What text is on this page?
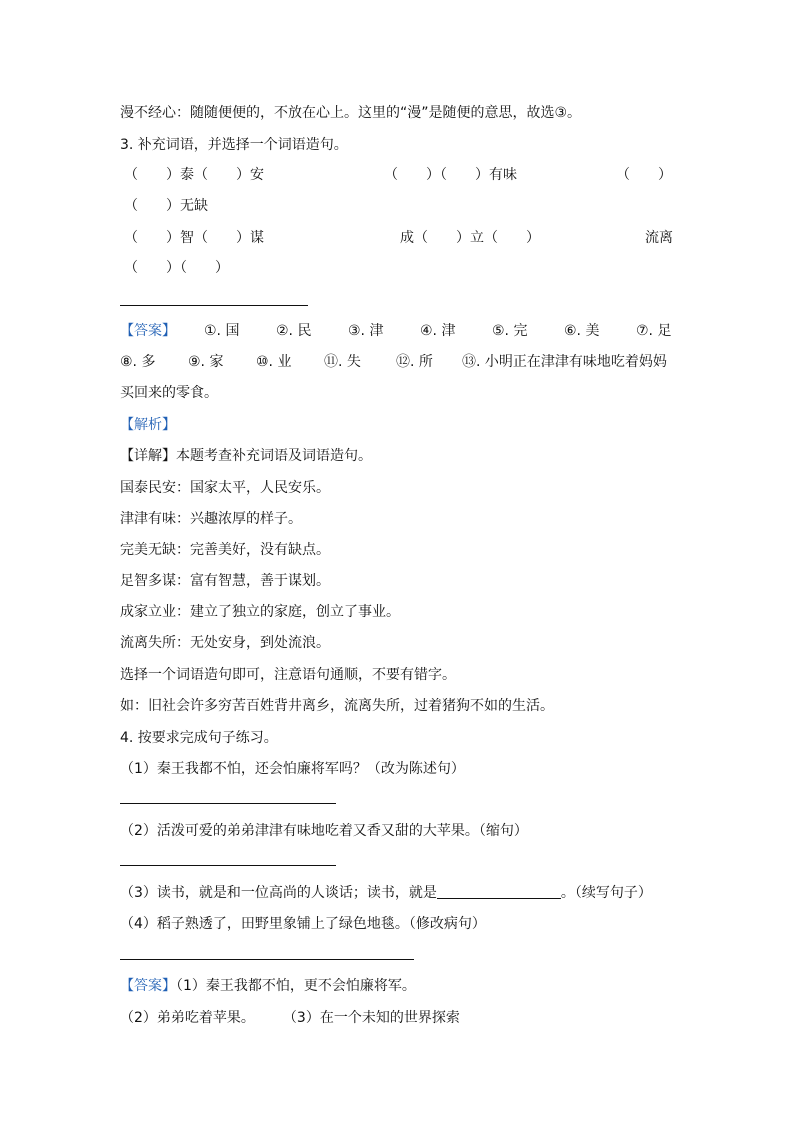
漫不经心：随随便便的，不放在心上。这里的“漫”是随便的意思，故选③。
3. 补充词语，并选择一个词语造句。
（　　）泰（　　）安	（　　）（　　）有味	（　　）
（　　）无缺
（　　）智（　　）谋	成（　　）立（　　）	流离
（　　）（　　）
【答案】 ①. 国	②. 民	③. 津	④. 津	⑤. 完	⑥. 美	⑦. 足
⑧. 多 ⑨. 家 ⑩. 业 ⑪. 失	⑫. 所 ⑬. 小明正在津津有味地吃着妈妈
买回来的零食。
【解析】
【详解】本题考查补充词语及词语造句。
国泰民安：国家太平，人民安乐。
津津有味：兴趣浓厚的样子。
完美无缺：完善美好，没有缺点。
足智多谋：富有智慧，善于谋划。
成家立业：建立了独立的家庭，创立了事业。
流离失所：无处安身，到处流浪。
选择一个词语造句即可，注意语句通顺，不要有错字。
如：旧社会许多穷苦百姓背井离乡，流离失所，过着猪狗不如的生活。
4. 按要求完成句子练习。
（1）秦王我都不怕，还会怕廉将军吗？（改为陈述句）
（2）活泼可爱的弟弟津津有味地吃着又香又甜的大苹果。（缩句）
（3）读书，就是和一位高尚的人谈话；读书，就是	。（续写句子）
（4）稻子熟透了，田野里象铺上了绿色地毯。（修改病句）
【答案】（1）秦王我都不怕，更不会怕廉将军。
（2）弟弟吃着苹果。 （3）在一个未知的世界探索
